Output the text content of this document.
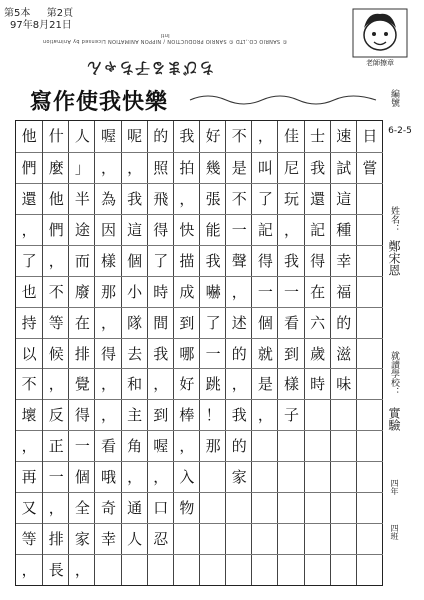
第5本 　 第2頁
97年8月21日
© SANRIO CO.,LTD © SANRIO PRODUCTION / NIPPON ANIMATION Licensed by Animation Intl
ちびまる子ちゃん	老師擦章
寫作使我快樂	編號
6-2-5
姓名：
鄭宋恩
就讀學校：
實驗
四年
四班
日
嘗
速
試
這
種
幸
福
的
滋
味
士
我
還
記
得
在
六
歲
時
佳
尼
玩
，
我
一
看
到
樣
子
，
叫
了
記
得
一
個
就
是
，
不
是
不
一
聲
，
述
的
，
我
的
家
好
幾
張
能
我
嚇
了
一
跳
！
那
我
拍
，
快
描
成
到
哪
好
棒
，
入
物
的
照
飛
得
了
時
間
我
，
到
喔
，
口
忍
呢
，
我
這
個
小
隊
去
和
主
角
，
通
人
喔
，
為
因
樣
那
，
得
，
，
看
哦
奇
幸
人
」
半
途
而
廢
在
排
覺
得
一
個
全
家
，
什
麼
他
們
，
不
等
候
，
反
正
一
，
排
長
他
們
還
，
了
也
持
以
不
壞
，
再
又
等
，
